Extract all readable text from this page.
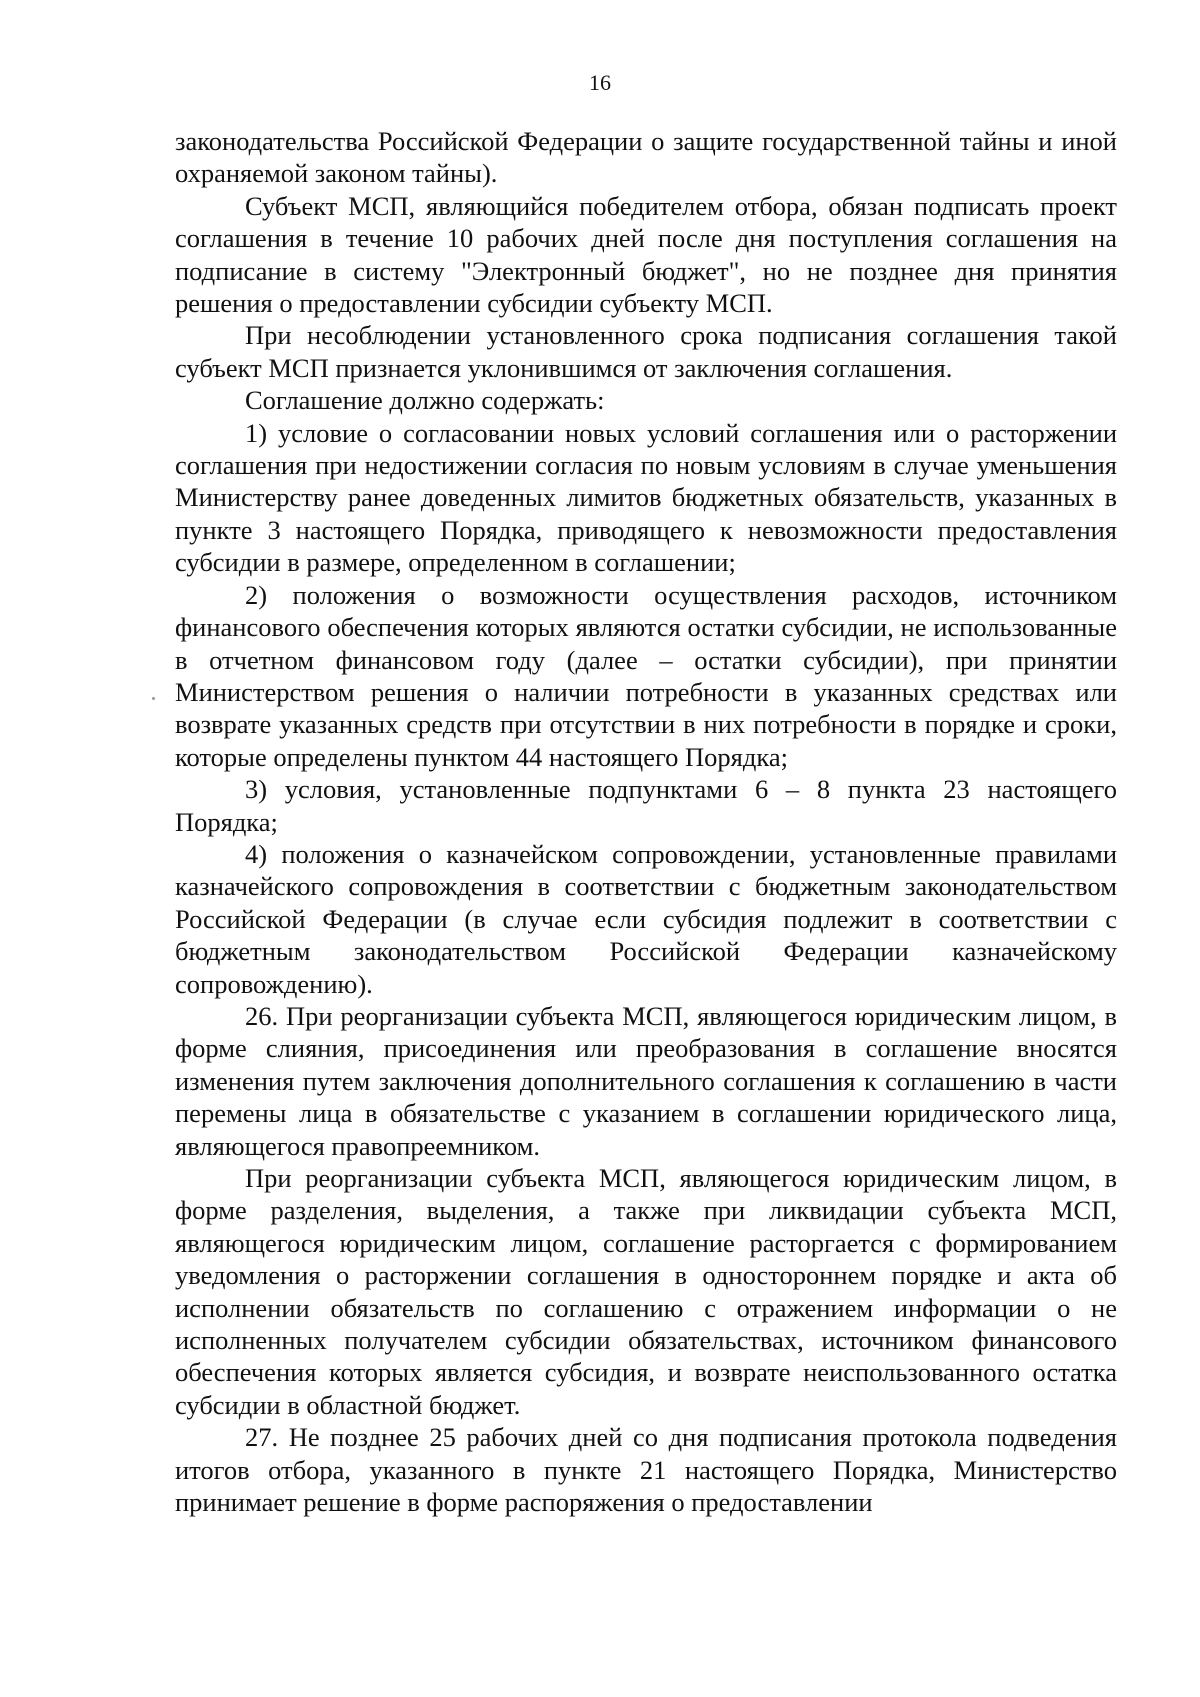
16

законодательства Российской Федерации о защите государственной тайны и иной охраняемой законом тайны).

Субъект МСП, являющийся победителем отбора, обязан подписать проект соглашения в течение 10 рабочих дней после дня поступления соглашения на подписание в систему "Электронный бюджет", но не позднее дня принятия решения о предоставлении субсидии субъекту МСП.

При несоблюдении установленного срока подписания соглашения такой субъект МСП признается уклонившимся от заключения соглашения.

Соглашение должно содержать:

1) условие о согласовании новых условий соглашения или о расторжении соглашения при недостижении согласия по новым условиям в случае уменьшения Министерству ранее доведенных лимитов бюджетных обязательств, указанных в пункте 3 настоящего Порядка, приводящего к невозможности предоставления субсидии в размере, определенном в соглашении;

2) положения о возможности осуществления расходов, источником финансового обеспечения которых являются остатки субсидии, не использованные в отчетном финансовом году (далее – остатки субсидии), при принятии Министерством решения о наличии потребности в указанных средствах или возврате указанных средств при отсутствии в них потребности в порядке и сроки, которые определены пунктом 44 настоящего Порядка;

3) условия, установленные подпунктами 6 – 8 пункта 23 настоящего Порядка;

4) положения о казначейском сопровождении, установленные правилами казначейского сопровождения в соответствии с бюджетным законодательством Российской Федерации (в случае если субсидия подлежит в соответствии с бюджетным законодательством Российской Федерации казначейскому сопровождению).

26. При реорганизации субъекта МСП, являющегося юридическим лицом, в форме слияния, присоединения или преобразования в соглашение вносятся изменения путем заключения дополнительного соглашения к соглашению в части перемены лица в обязательстве с указанием в соглашении юридического лица, являющегося правопреемником.

При реорганизации субъекта МСП, являющегося юридическим лицом, в форме разделения, выделения, а также при ликвидации субъекта МСП, являющегося юридическим лицом, соглашение расторгается с формированием уведомления о расторжении соглашения в одностороннем порядке и акта об исполнении обязательств по соглашению с отражением информации о не исполненных получателем субсидии обязательствах, источником финансового обеспечения которых является субсидия, и возврате неиспользованного остатка субсидии в областной бюджет.

27. Не позднее 25 рабочих дней со дня подписания протокола подведения итогов отбора, указанного в пункте 21 настоящего Порядка, Министерство принимает решение в форме распоряжения о предоставлении
